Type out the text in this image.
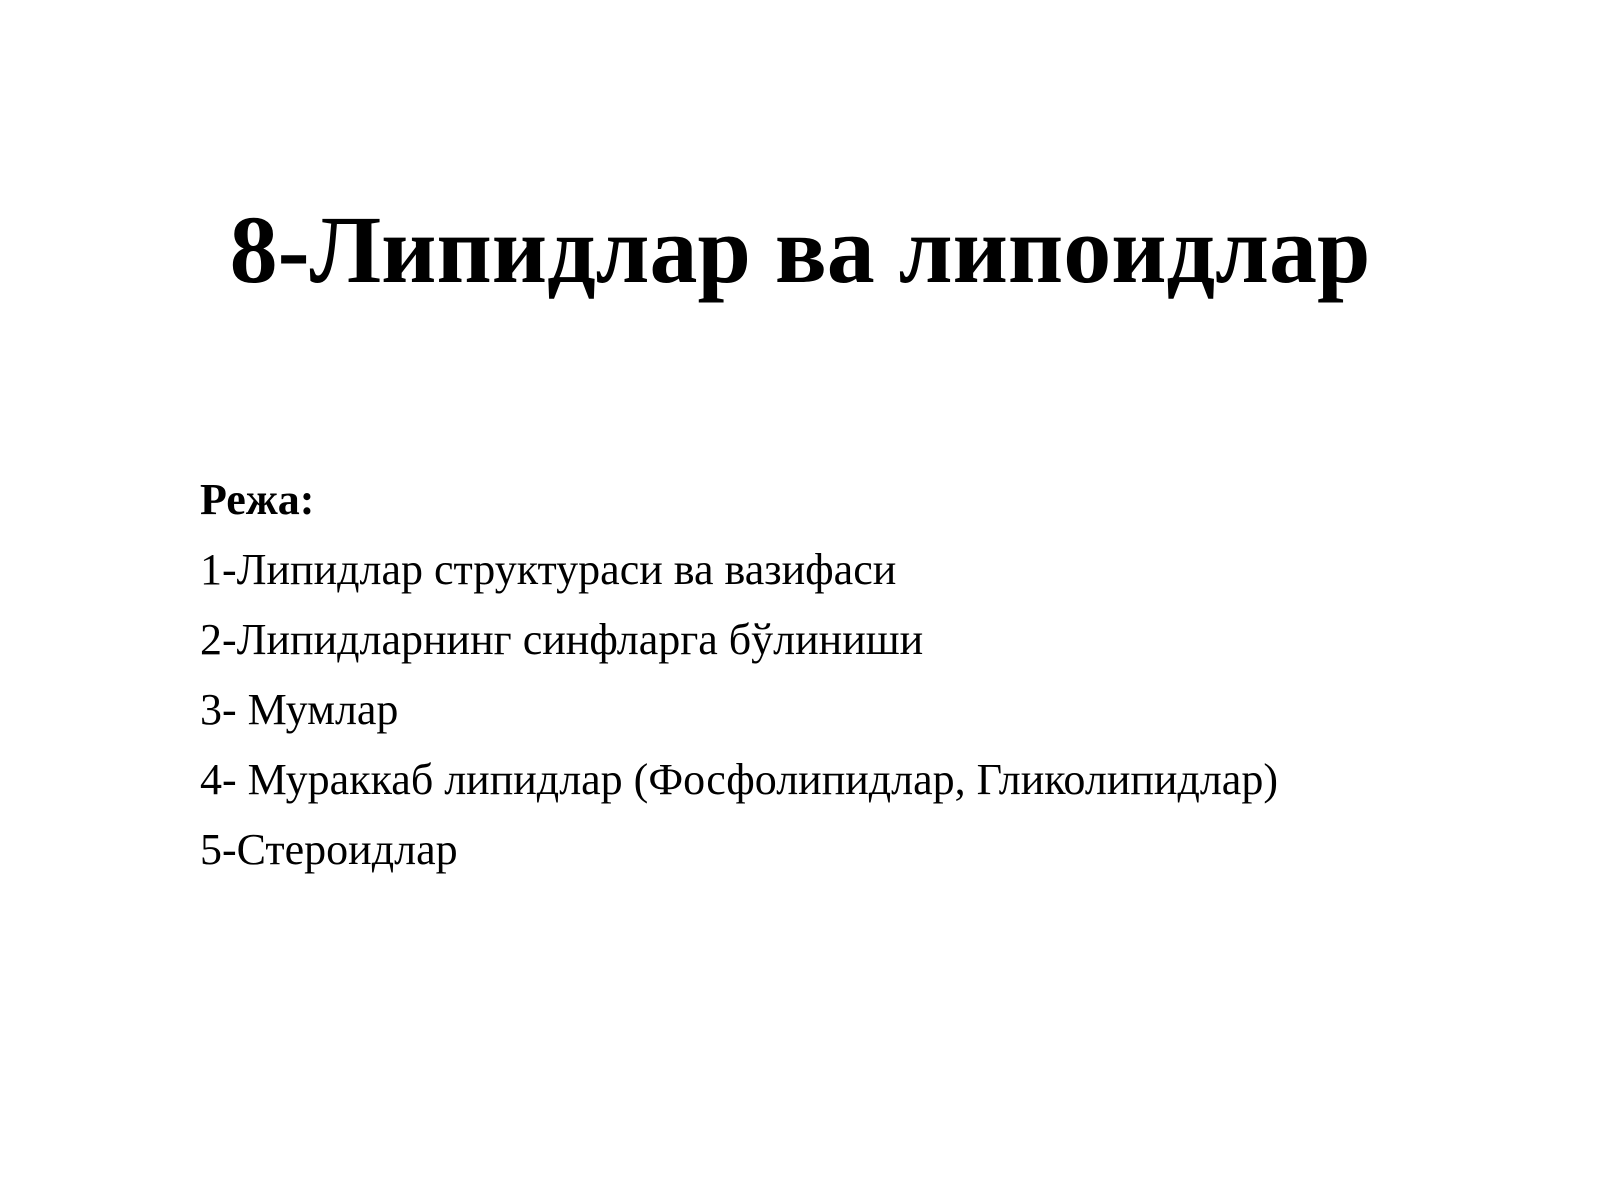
8-Липидлар ва липоидлар
Режа:
1-Липидлар структураси ва вазифаси
2-Липидларнинг синфларга бўлиниши
3- Мумлар
4- Мураккаб липидлар (Фосфолипидлар, Гликолипидлар)
5-Стероидлар
